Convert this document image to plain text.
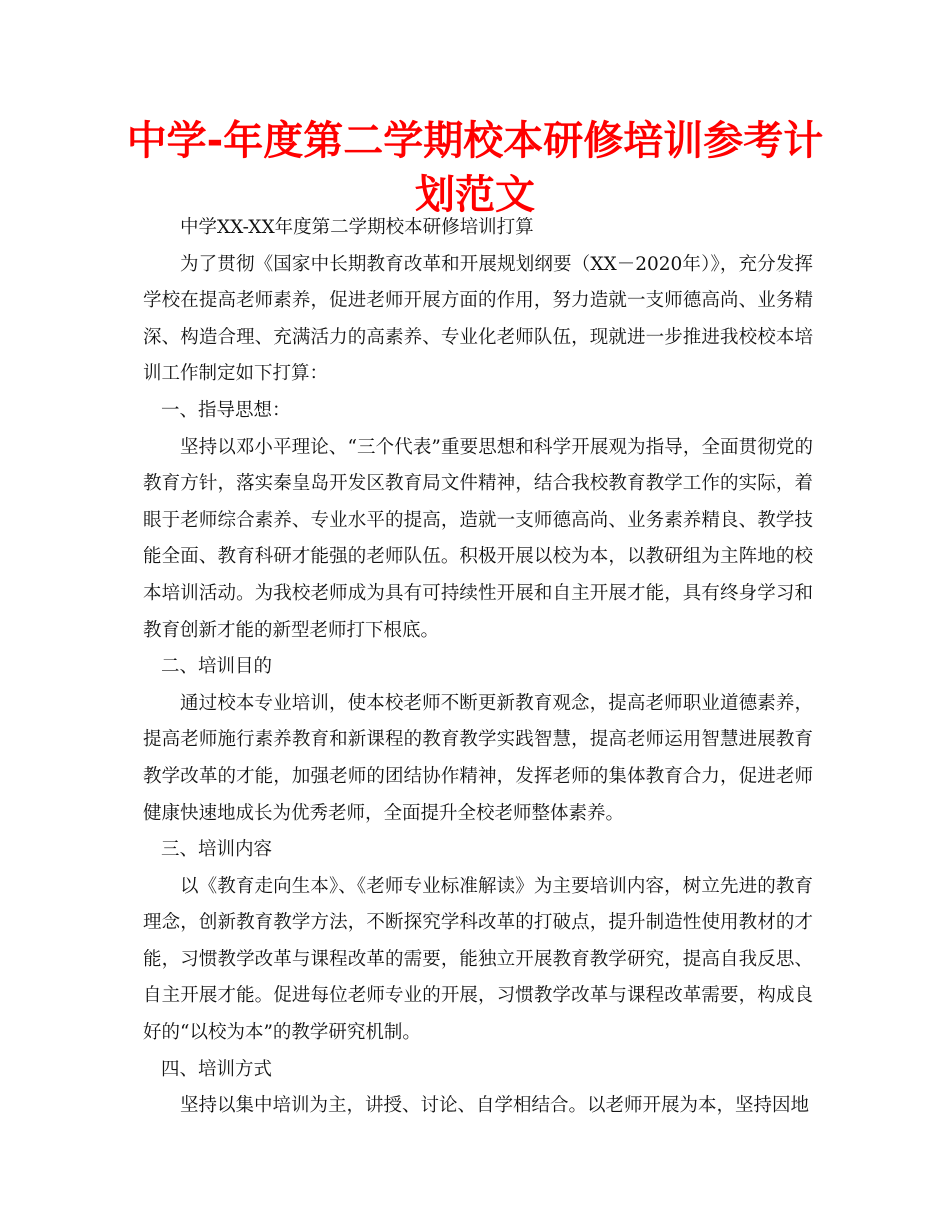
中学-年度第二学期校本研修培训参考计划范文

中学XX-XX年度第二学期校本研修培训打算

为了贯彻《国家中长期教育改革和开展规划纲要（XX－2020年）》，充分发挥学校在提高老师素养，促进老师开展方面的作用，努力造就一支师德高尚、业务精深、构造合理、充满活力的高素养、专业化老师队伍，现就进一步推进我校校本培训工作制定如下打算：

一、指导思想：

坚持以邓小平理论、“三个代表”重要思想和科学开展观为指导，全面贯彻党的教育方针，落实秦皇岛开发区教育局文件精神，结合我校教育教学工作的实际，着眼于老师综合素养、专业水平的提高，造就一支师德高尚、业务素养精良、教学技能全面、教育科研才能强的老师队伍。积极开展以校为本，以教研组为主阵地的校本培训活动。为我校老师成为具有可持续性开展和自主开展才能，具有终身学习和教育创新才能的新型老师打下根底。

二、培训目的

通过校本专业培训，使本校老师不断更新教育观念，提高老师职业道德素养，提高老师施行素养教育和新课程的教育教学实践智慧，提高老师运用智慧进展教育教学改革的才能，加强老师的团结协作精神，发挥老师的集体教育合力，促进老师健康快速地成长为优秀老师，全面提升全校老师整体素养。

三、培训内容

以《教育走向生本》、《老师专业标准解读》为主要培训内容，树立先进的教育理念，创新教育教学方法，不断探究学科改革的打破点，提升制造性使用教材的才能，习惯教学改革与课程改革的需要，能独立开展教育教学研究，提高自我反思、自主开展才能。促进每位老师专业的开展，习惯教学改革与课程改革需要，构成良好的“以校为本”的教学研究机制。

四、培训方式

坚持以集中培训为主，讲授、讨论、自学相结合。以老师开展为本，坚持因地
